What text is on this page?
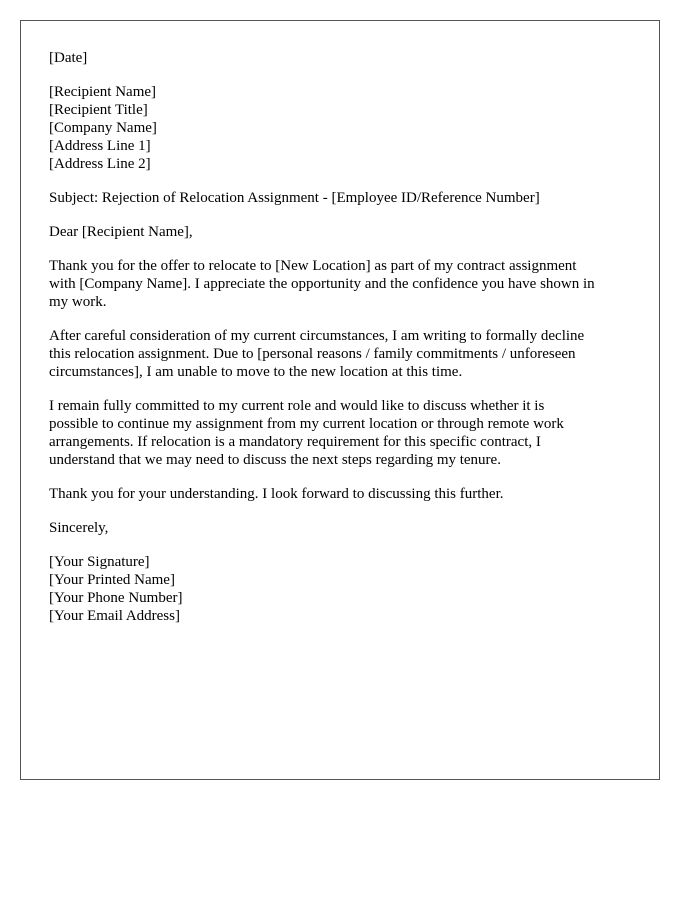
[Date]

[Recipient Name]
[Recipient Title]
[Company Name]
[Address Line 1]
[Address Line 2]

Subject: Rejection of Relocation Assignment - [Employee ID/Reference Number]

Dear [Recipient Name],

Thank you for the offer to relocate to [New Location] as part of my contract assignment
with [Company Name]. I appreciate the opportunity and the confidence you have shown in
my work.

After careful consideration of my current circumstances, I am writing to formally decline
this relocation assignment. Due to [personal reasons / family commitments / unforeseen
circumstances], I am unable to move to the new location at this time.

I remain fully committed to my current role and would like to discuss whether it is
possible to continue my assignment from my current location or through remote work
arrangements. If relocation is a mandatory requirement for this specific contract, I
understand that we may need to discuss the next steps regarding my tenure.

Thank you for your understanding. I look forward to discussing this further.

Sincerely,

[Your Signature]
[Your Printed Name]
[Your Phone Number]
[Your Email Address]
